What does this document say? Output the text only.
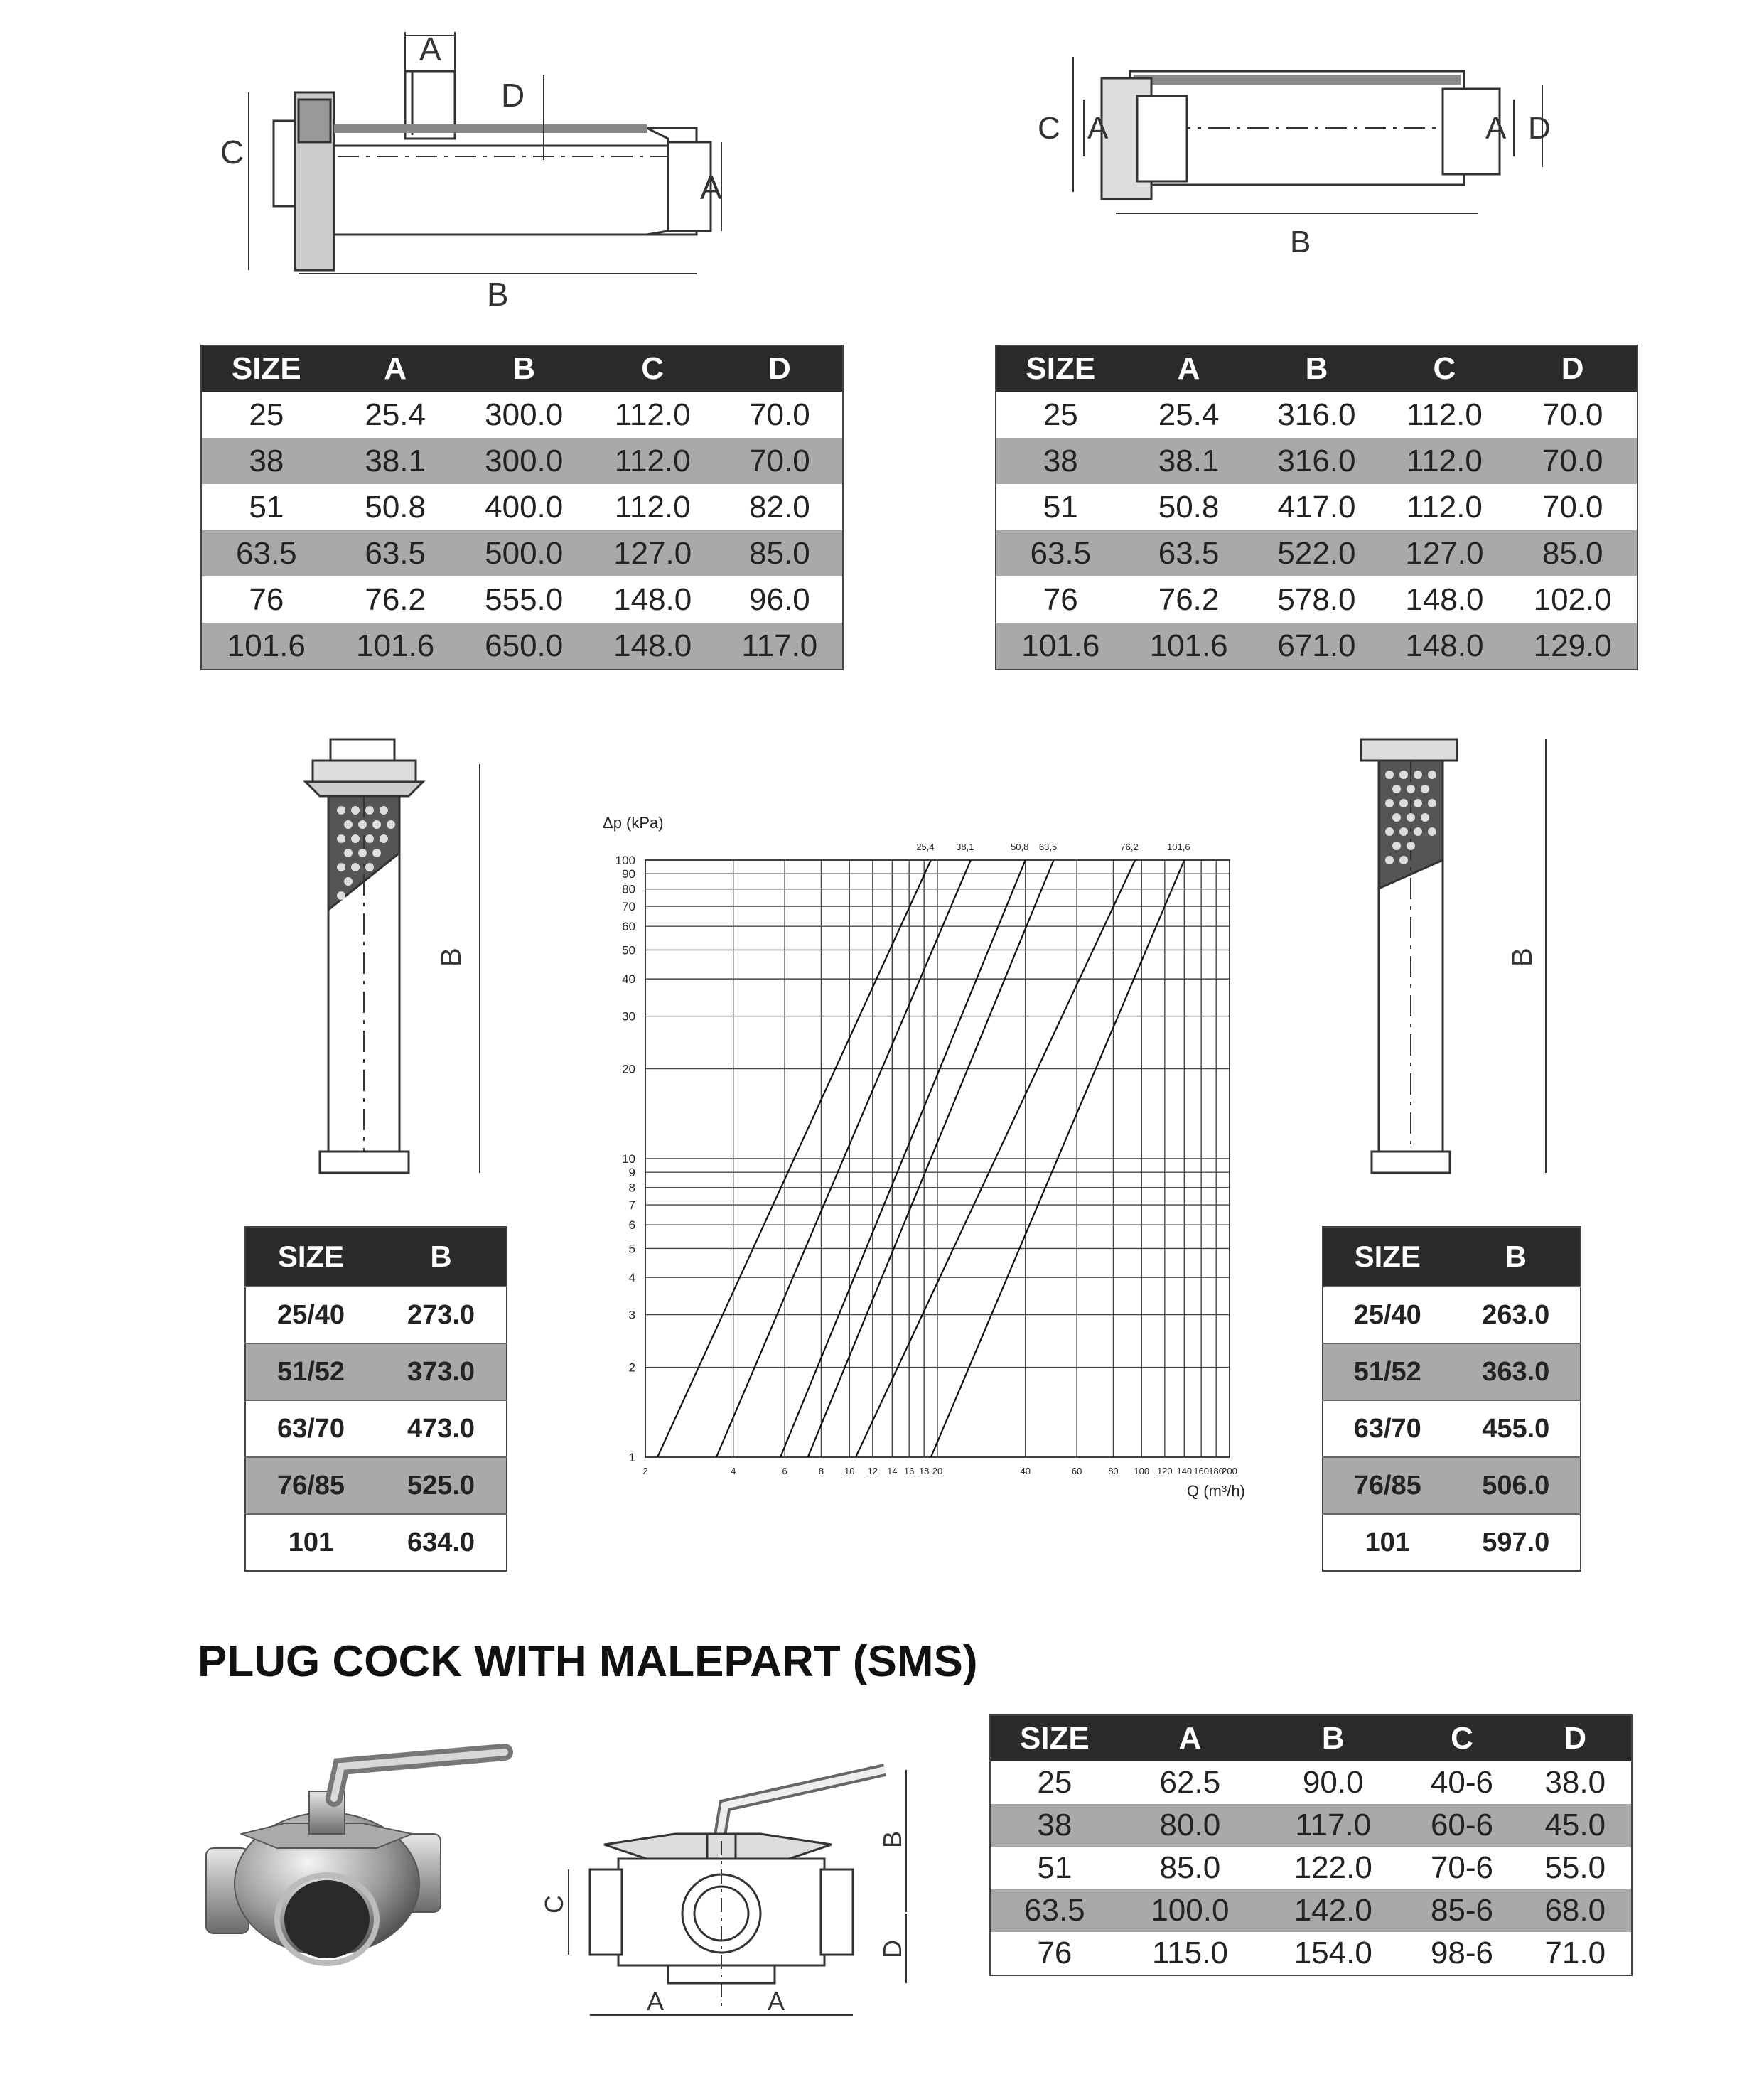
A
D
C
A
B
C A	A D
B
SIZE	A	B	C	D
25	25.4	300.0	112.0	70.0
38	38.1	300.0	112.0	70.0
51	50.8	400.0	112.0	82.0
63.5	63.5	500.0	127.0	85.0
76	76.2	555.0	148.0	96.0
101.6	101.6	650.0	148.0	117.0
SIZE	A	B	C	D
25	25.4	316.0	112.0	70.0
38	38.1	316.0	112.0	70.0
51	50.8	417.0	112.0	70.0
63.5	63.5	522.0	127.0	85.0
76	76.2	578.0	148.0	102.0
101.6	101.6	671.0	148.0	129.0
B	B
25,4 38,1	50,8 63,5	76,2	101,6
2	4	6	8 10 12 14 16 18 20	40	60	80 100 120 140 160 180
200
1
2
3
4
5
6
7
8
9
10
20
30
40
50
60
70
80
90
100
Δp (kPa)
Q (m³/h)
SIZE	B
25/40	273.0
51/52	373.0
63/70	473.0
76/85	525.0
101	634.0
SIZE	B
25/40	263.0
51/52	363.0
63/70	455.0
76/85	506.0
101	597.0
PLUG COCK WITH MALEPART (SMS)
C
D
B
A	A
SIZE	A	B	C	D
25	62.5	90.0	40-6	38.0
38	80.0	117.0	60-6	45.0
51	85.0	122.0	70-6	55.0
63.5	100.0	142.0	85-6	68.0
76	115.0	154.0	98-6	71.0
